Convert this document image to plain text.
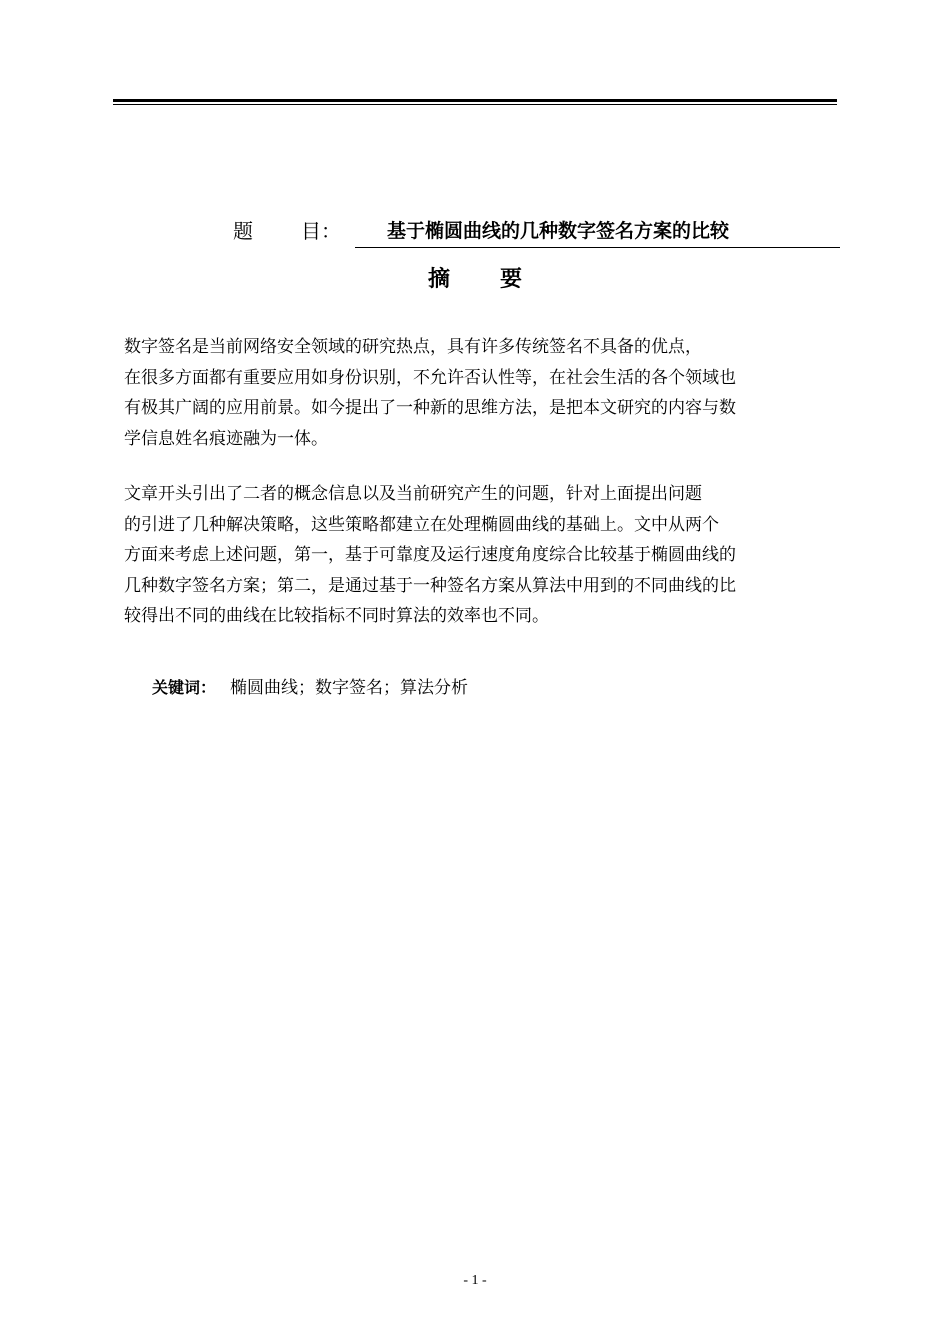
题 目：	基于椭圆曲线的几种数字签名方案的比较
摘 要
数字签名是当前网络安全领域的研究热点，具有许多传统签名不具备的优点，
在很多方面都有重要应用如身份识别，不允许否认性等，在社会生活的各个领域也
有极其广阔的应用前景。如今提出了一种新的思维方法，是把本文研究的内容与数
学信息姓名痕迹融为一体。
文章开头引出了二者的概念信息以及当前研究产生的问题，针对上面提出问题
的引进了几种解决策略，这些策略都建立在处理椭圆曲线的基础上。文中从两个
方面来考虑上述问题，第一，基于可靠度及运行速度角度综合比较基于椭圆曲线的
几种数字签名方案；第二，是通过基于一种签名方案从算法中用到的不同曲线的比
较得出不同的曲线在比较指标不同时算法的效率也不同。
关键词： 椭圆曲线；数字签名；算法分析
- 1 -
